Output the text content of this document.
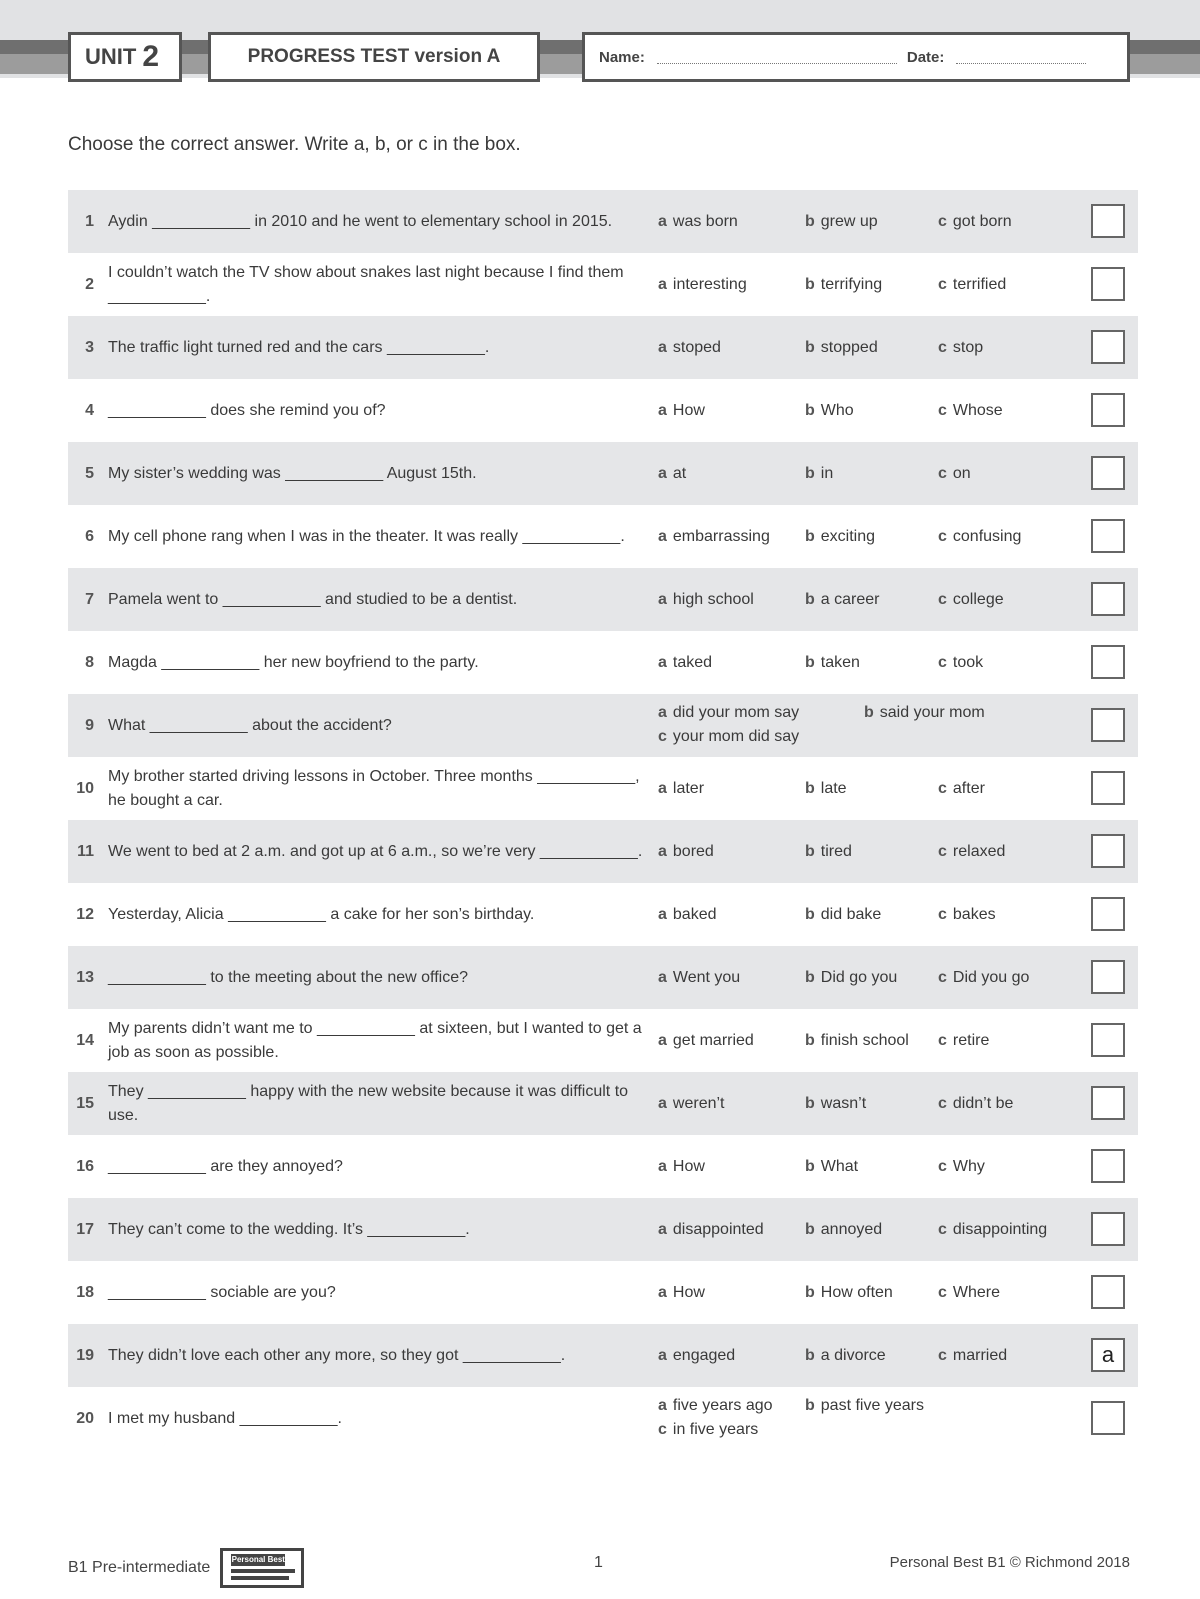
UNIT 2	PROGRESS TEST version A	Name:	Date:
Choose the correct answer. Write a, b, or c in the box.
1 Aydin ___________ in 2010 and he went to elementary school in 2015.	a was born	b grew up	c got born
2
I couldn’t watch the TV show about snakes last night because I find them ___________.
a interesting	b terrifying	c terrified
3 The traffic light turned red and the cars ___________.	a stoped	b stopped	c stop
4 ___________ does she remind you of?	a How	b Who	c Whose
5 My sister’s wedding was ___________ August 15th.	a at	b in	c on
6 My cell phone rang when I was in the theater. It was really ___________.	a embarrassing b exciting	c confusing
7 Pamela went to ___________ and studied to be a dentist.	a high school	b a career	c college
8 Magda ___________ her new boyfriend to the party.	a taked	b taken	c took
9 What ___________ about the accident?
a did your mom say	b said your mom
c your mom did say
10
My brother started driving lessons in October. Three months ___________, he bought a car.
a later	b late	c after
11 We went to bed at 2 a.m. and got up at 6 a.m., so we’re very ___________. a bored	b tired	c relaxed
12 Yesterday, Alicia ___________ a cake for her son’s birthday.	a baked	b did bake	c bakes
13 ___________ to the meeting about the new office?	a Went you	b Did go you	c Did you go
14
My parents didn’t want me to ___________ at sixteen, but I wanted to get a job as soon as possible.
a get married	b finish school c retire
15
They ___________ happy with the new website because it was difficult to use.
a weren’t	b wasn’t	c didn’t be
16 ___________ are they annoyed?	a How	b What	c Why
17 They can’t come to the wedding. It’s ___________.	a disappointed	b annoyed	c disappointing
18 ___________ sociable are you?	a How	b How often	c Where
19 They didn’t love each other any more, so they got ___________.	a engaged	b a divorce	c married	a
20 I met my husband ___________.
a five years ago b past five years
c in five years
B1 Pre-intermediate	Personal Best	1	Personal Best B1 © Richmond 2018
